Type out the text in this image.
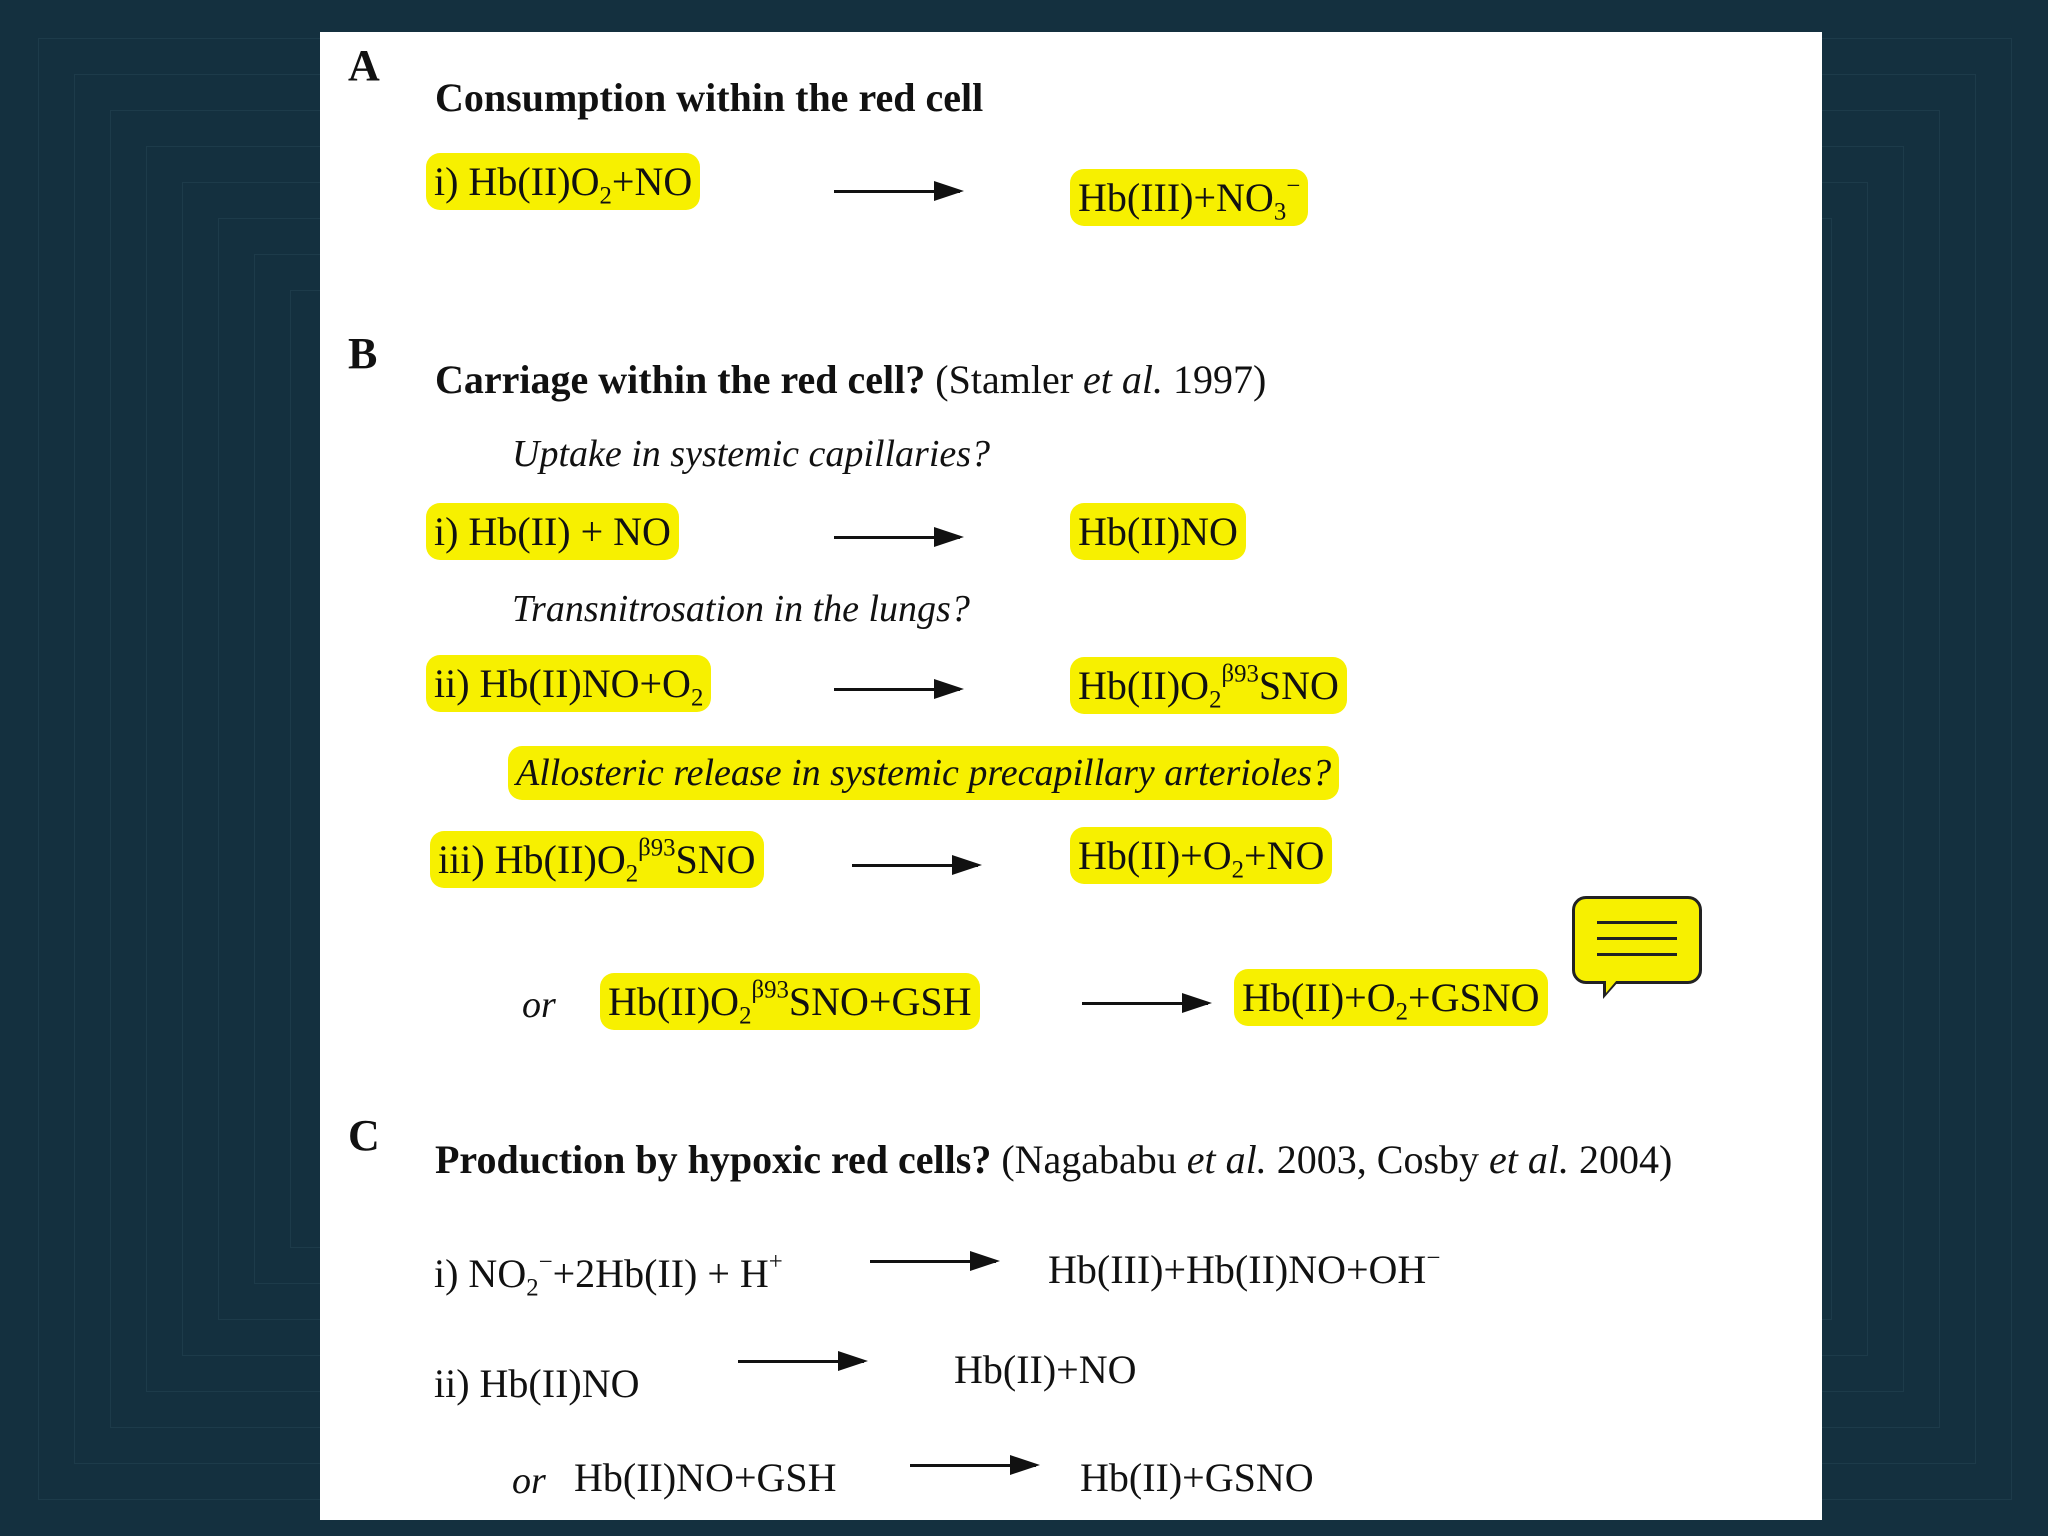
A
Consumption within the red cell
i) $Hb(II)O_2+NO$	$Hb(III)+NO_3^-$
B
Carriage within the red cell? (Stamler et al. 1997)
Uptake in systemic capillaries?
i) Hb(II) + NO	Hb(II)NO
Transnitrosation in the lungs?
ii) $Hb(II)NO+O_2$	$Hb(II)O_2^{\beta 93}SNO$
Allosteric release in systemic precapillary arterioles?
iii) $Hb(II)O_2^{\beta 93}SNO$	$Hb(II)+O_2+NO$
or $Hb(II)O_2^{\beta 93}SNO+GSH$	$Hb(II)+O_2+GSNO$
C Production by hypoxic red cells? (Nagababu et al. 2003, Cosby et al. 2004)
i) $NO_2^-+2Hb(II) + H^+$	Hb(III)+Hb(II)NO+OH−
ii) Hb(II)NO	Hb(II)+NO
or Hb(II)NO+GSH	Hb(II)+GSNO
